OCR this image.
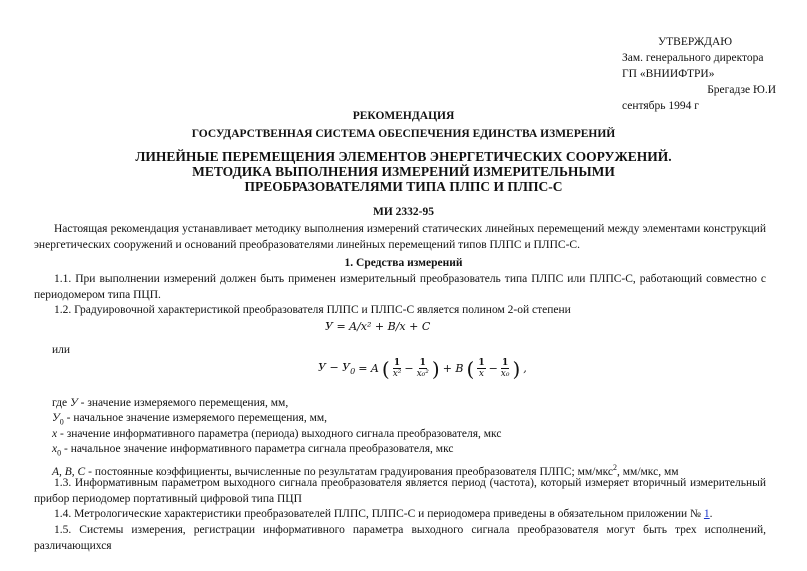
УТВЕРЖДАЮ
Зам. генерального директора
ГП «ВНИИФТРИ»
Брегадзе Ю.И
сентябрь 1994 г
РЕКОМЕНДАЦИЯ
ГОСУДАРСТВЕННАЯ СИСТЕМА ОБЕСПЕЧЕНИЯ ЕДИНСТВА ИЗМЕРЕНИЙ
ЛИНЕЙНЫЕ ПЕРЕМЕЩЕНИЯ ЭЛЕМЕНТОВ ЭНЕРГЕТИЧЕСКИХ СООРУЖЕНИЙ.
МЕТОДИКА ВЫПОЛНЕНИЯ ИЗМЕРЕНИЙ ИЗМЕРИТЕЛЬНЫМИ
ПРЕОБРАЗОВАТЕЛЯМИ ТИПА ПЛПС И ПЛПС-С
МИ 2332-95
Настоящая рекомендация устанавливает методику выполнения измерений статических линейных перемещений между элементами конструкций энергетических сооружений и оснований преобразователями линейных перемещений типов ПЛПС и ПЛПС-С.
1. Средства измерений
1.1. При выполнении измерений должен быть применен измерительный преобразователь типа ПЛПС или ПЛПС-С, работающий совместно с периодомером типа ПЦП.
1.2. Градуировочной характеристикой преобразователя ПЛПС и ПЛПС-С является полином 2-ой степени
У = A/x² + B/x + C
или
$У - У_0 = A$ ( $\frac{1}{\text{x²}} - \frac{1}{\text{x₀²}}$ ) + B ( $\frac{1}{x} - \frac{1}{\text{x₀}}$ ) ,
где У - значение измеряемого перемещения, мм,
$У_0$ - начальное значение измеряемого перемещения, мм,
x - значение информативного параметра (периода) выходного сигнала преобразователя, мкс
$x_0$ - начальное значение информативного параметра сигнала преобразователя, мкс
A, B, C - постоянные коэффициенты, вычисленные по результатам градуирования преобразователя ПЛПС; мм/мкс$^2$, мм/мкс, мм
1.3. Информативным параметром выходного сигнала преобразователя является период (частота), который измеряет вторичный измерительный прибор периодомер портативный цифровой типа ПЦП
1.4. Метрологические характеристики преобразователей ПЛПС, ПЛПС-С и периодомера приведены в обязательном приложении № 1.
1.5. Системы измерения, регистрации информативного параметра выходного сигнала преобразователя могут быть трех исполнений, различающихся
